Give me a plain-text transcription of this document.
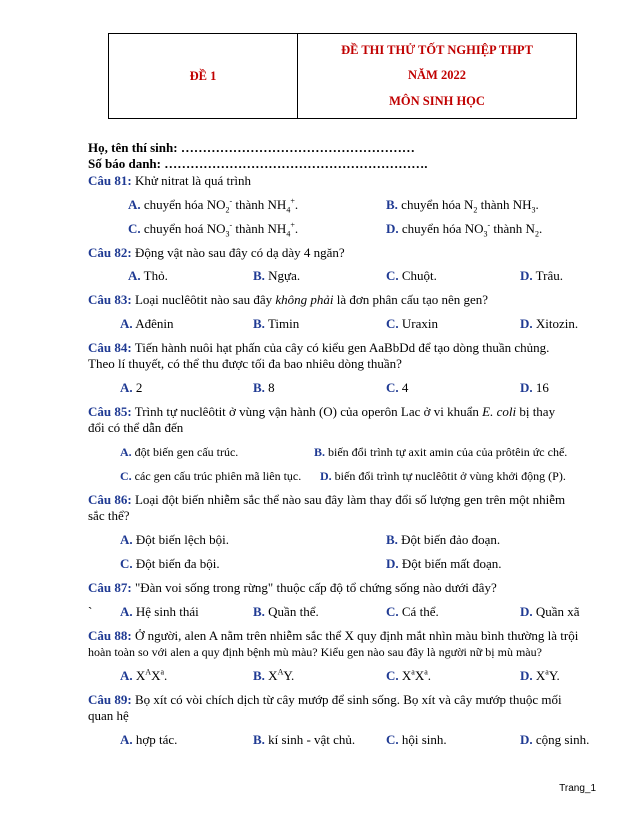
ĐỀ 1
ĐỀ THI THỬ TỐT NGHIỆP THPT
NĂM 2022
MÔN SINH HỌC
Họ, tên thí sinh: ………………………………………………
Số báo danh: …………………………………………………….
Câu 81: Khử nitrat là quá trình
A. chuyển hóa $NO_2^-$ thành $NH_4^+$.	B. chuyển hóa $N_2$ thành $NH_3$.
C. chuyển hoá $NO_3^-$ thành $NH_4^+$.	D. chuyển hóa $NO_3^-$ thành $N_2$.
Câu 82: Động vật nào sau đây có dạ dày 4 ngăn?
A. Thỏ.	B. Ngựa.	C. Chuột.	D. Trâu.
Câu 83: Loại nuclêôtit nào sau đây không phải là đơn phân cấu tạo nên gen?
A. Ađênin	B. Timin	C. Uraxin	D. Xitozin.
Câu 84: Tiến hành nuôi hạt phấn của cây có kiểu gen AaBbDd để tạo dòng thuần chủng.
Theo lí thuyết, có thể thu được tối đa bao nhiêu dòng thuần?
A. 2	B. 8	C. 4	D. 16
Câu 85: Trình tự nuclêôtit ở vùng vận hành (O) của operôn Lac ở vi khuẩn E. coli bị thay
đổi có thể dẫn đến
A. đột biến gen cấu trúc.	B. biến đổi trình tự axit amin của của prôtêin ức chế.
C. các gen cấu trúc phiên mã liên tục. D. biến đổi trình tự nuclêôtit ở vùng khởi động (P).
Câu 86: Loại đột biến nhiễm sắc thể nào sau đây làm thay đổi số lượng gen trên một nhiễm
sắc thể?
A. Đột biến lệch bội.	B. Đột biến đảo đoạn.
C. Đột biến đa bội.	D. Đột biến mất đoạn.
Câu 87: "Đàn voi sống trong rừng" thuộc cấp độ tổ chứng sống nào dưới đây?
` A. Hệ sinh thái	B. Quần thể.	C. Cá thể.	D. Quần xã
Câu 88: Ở người, alen A nằm trên nhiễm sắc thể X quy định mắt nhìn màu bình thường là trội
hoàn toàn so với alen a quy định bệnh mù màu? Kiểu gen nào sau đây là người nữ bị mù màu?
A. $X^AX^a$.	B. $X^AY$.	C. $X^aX^a$.	D. $X^aY$.
Câu 89: Bọ xít có vòi chích dịch từ cây mướp để sinh sống. Bọ xít và cây mướp thuộc mối
quan hệ
A. hợp tác.	B. kí sinh - vật chủ. C. hội sinh.	D. cộng sinh.
Trang_1
